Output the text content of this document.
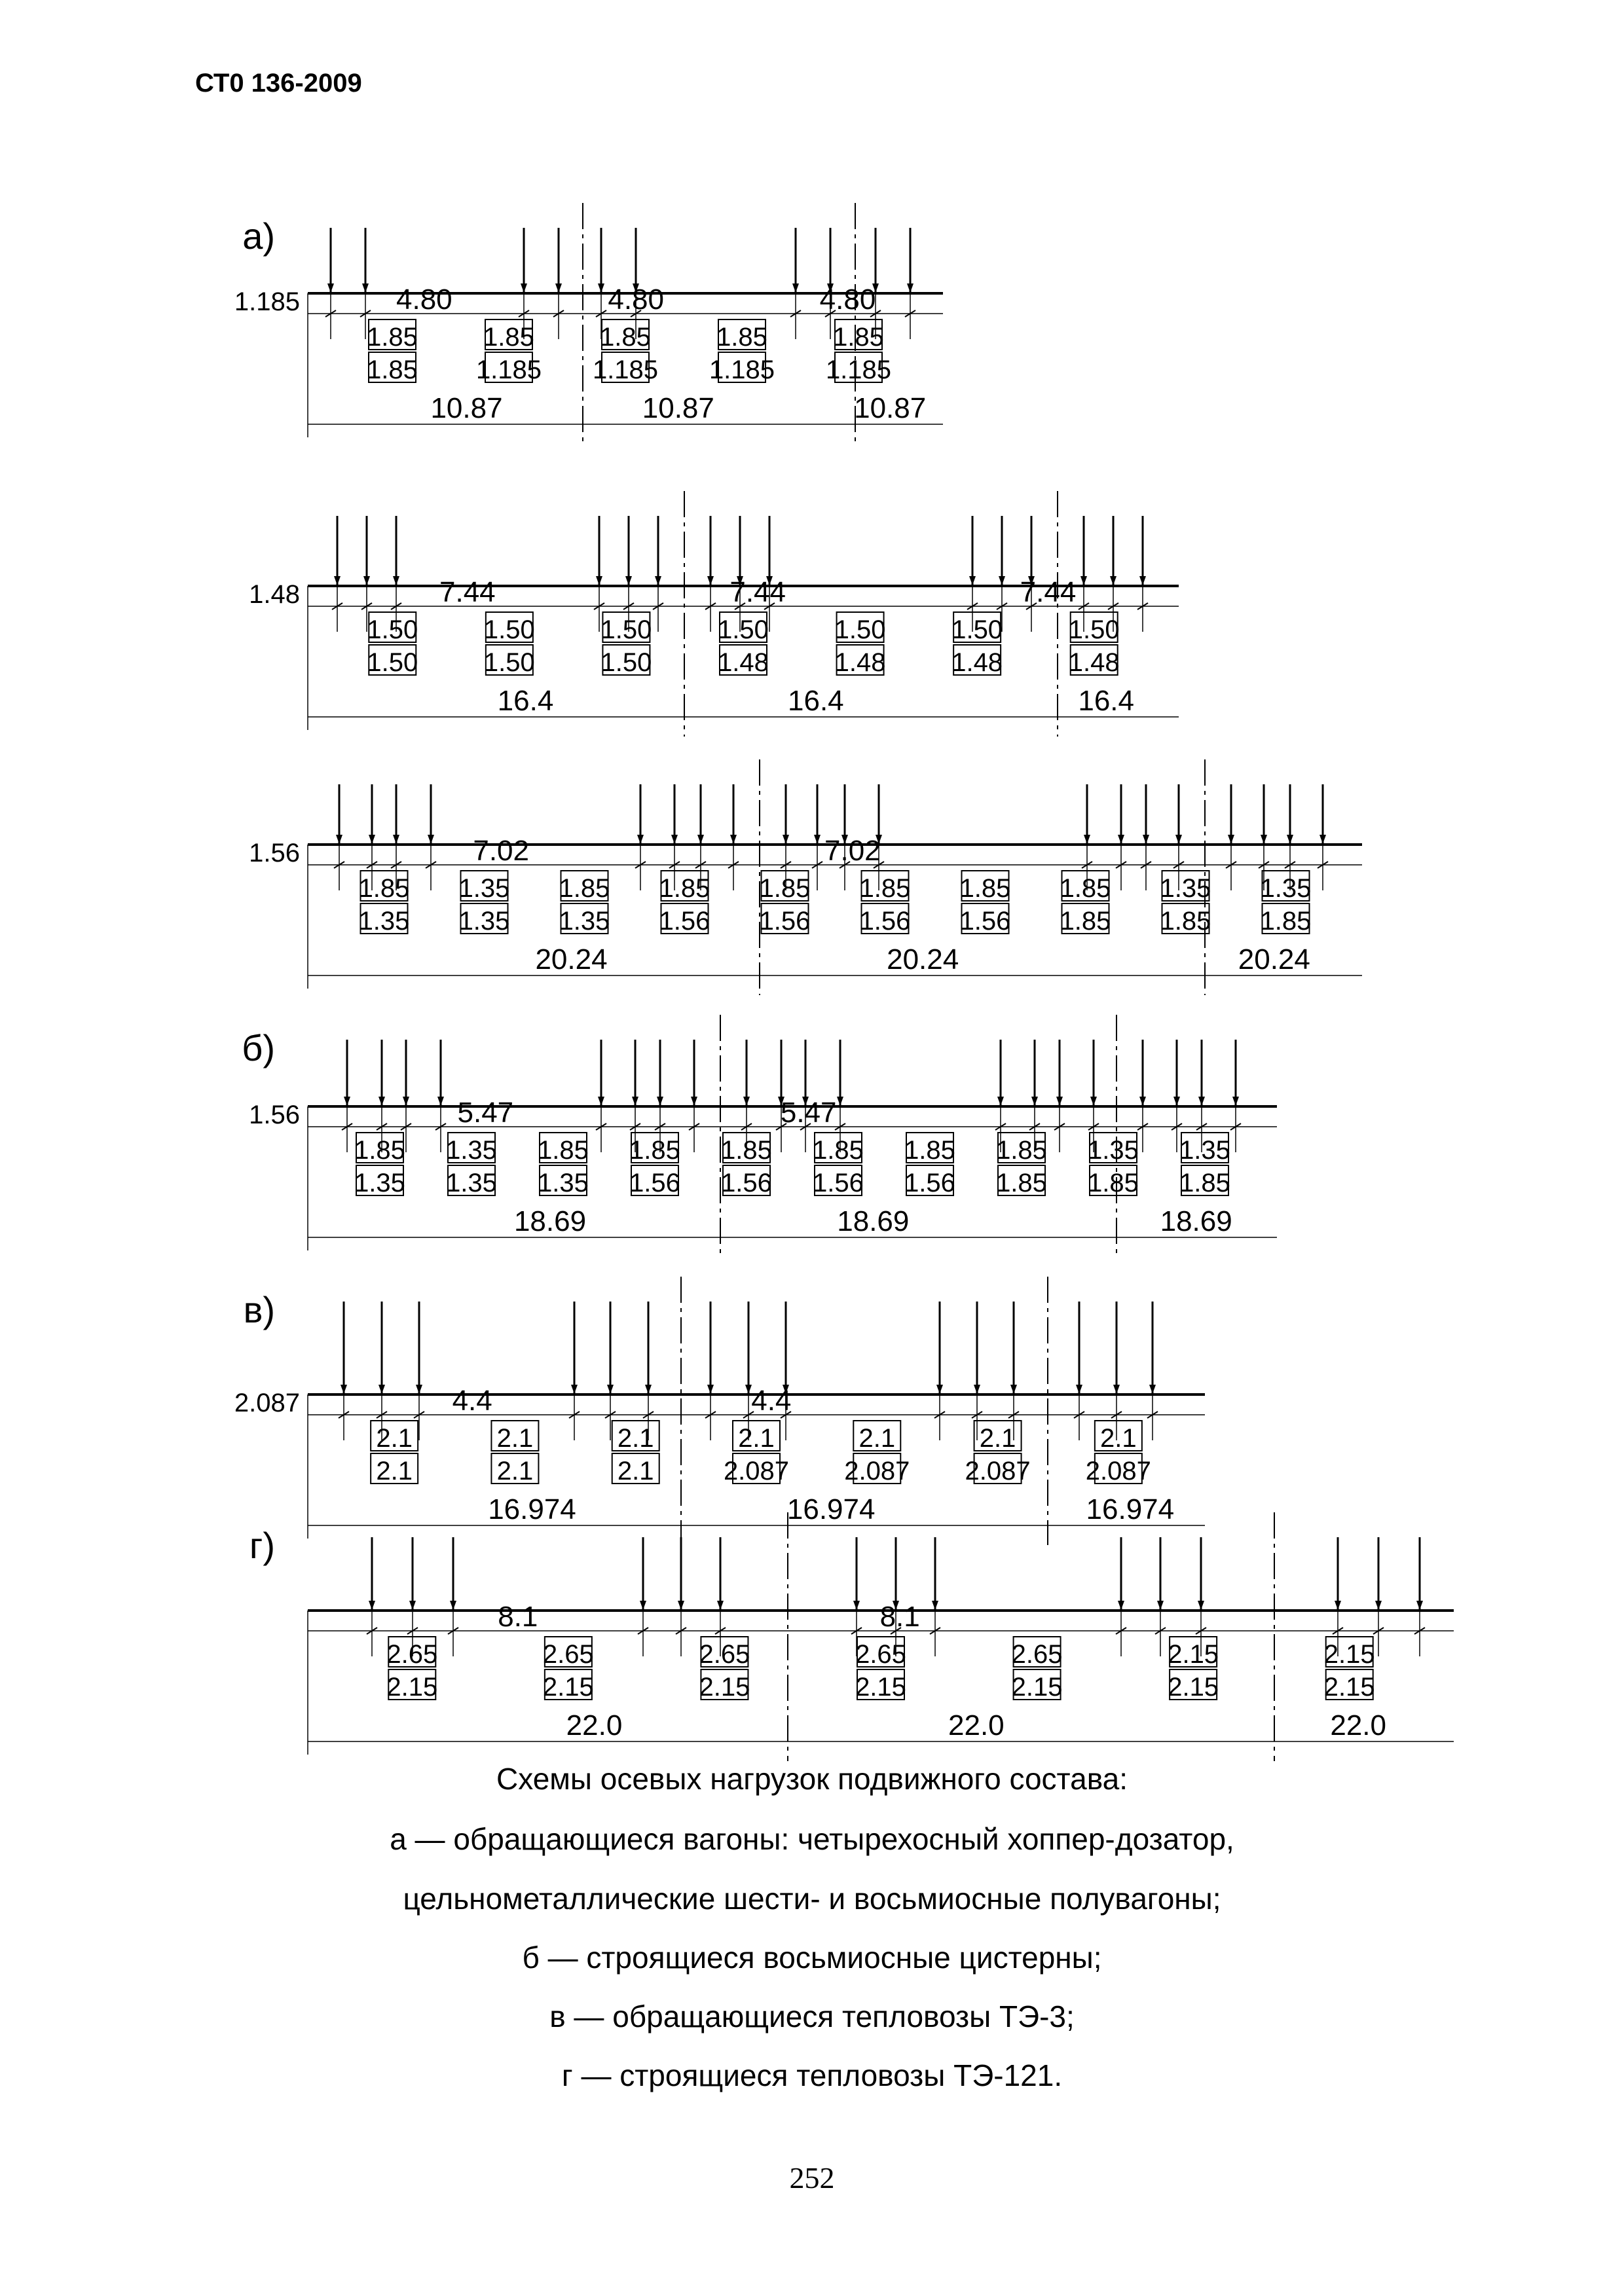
СТ0 136-2009
а)
1.185	4.80	4.80	4.80
10.87	10.87	10.87
1.85	1.85	1.85	1.85	1.85
1.85 1.185 1.185 1.185 1.185
1.48	7.44	7.44	7.44
16.4	16.4	16.4
1.50	1.50	1.50	1.50	1.50	1.50	1.50
1.50	1.50	1.50	1.48	1.48	1.48	1.48
1.56	7.02	7.02
20.24	20.24	20.24
1.85 1.35 1.85 1.85 1.85 1.85 1.85 1.85 1.35 1.35
1.35 1.35 1.35 1.56 1.56 1.56 1.56 1.85 1.85 1.85
б)
1.56	5.47	5.47
18.69	18.69	18.69
1.85 1.35 1.85 1.85 1.85 1.85 1.85 1.85 1.35 1.35
1.35 1.35 1.35 1.56 1.56 1.56 1.56 1.85 1.85 1.85
в)
2.087	4.4	4.4
16.974	16.974	16.974
2.1	2.1	2.1	2.1	2.1	2.1	2.1
2.1	2.1	2.1	2.087 2.087 2.087 2.087
г)
8.1	8.1
22.0	22.0	22.0
2.65	2.65	2.65	2.65	2.65	2.15	2.15
2.15	2.15	2.15	2.15	2.15	2.15	2.15
Схемы осевых нагрузок подвижного состава:
а — обращающиеся вагоны: четырехосный хоппер-дозатор,
цельнометаллические шести- и восьмиосные полувагоны;
б — строящиеся восьмиосные цистерны;
в — обращающиеся тепловозы ТЭ-3;
г — строящиеся тепловозы ТЭ-121.
252
